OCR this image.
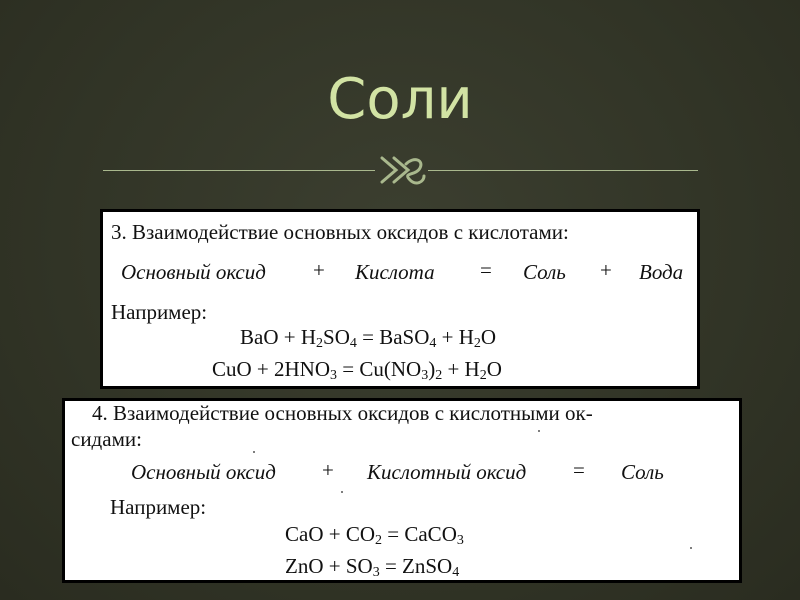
Соли
3. Взаимодействие основных оксидов с кислотами:
Основный оксид + Кислота = Соль + Вода
Например:
BaO + $H_2SO_4$ = BaSO$_4$ + $H_2O$
CuO + $2HNO_3 = Cu(NO_3)_2 + H_2O$
4. Взаимодействие основных оксидов с кислотными ок-
сидами:
Основный оксид + Кислотный оксид = Соль
Например:
CaO + $CO_2$ = CaCO$_3$
ZnO + $SO_3$ = ZnSO$_4$
